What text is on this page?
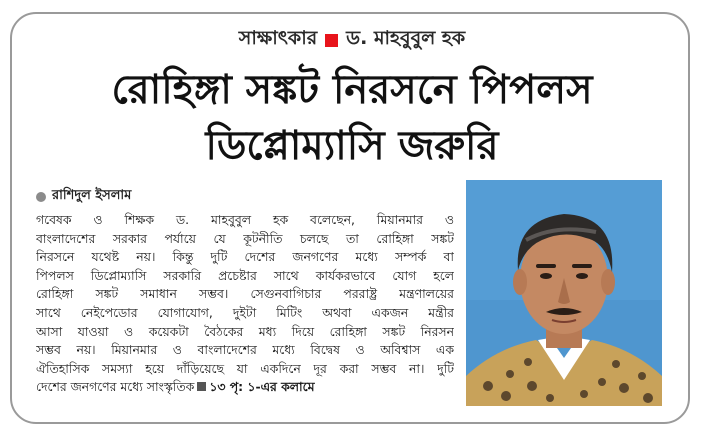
সাক্ষাৎকার ড. মাহবুবুল হক
রোহিঙ্গা সঙ্কট নিরসনে পিপলস
ডিপ্লোম্যাসি জরুরি
রাশিদুল ইসলাম
গবেষক ও শিক্ষক ড. মাহবুবুল হক বলেছেন, মিয়ানমার ও
বাংলাদেশের সরকার পর্যায়ে যে কূটনীতি চলছে তা রোহিঙ্গা সঙ্কট
নিরসনে যথেষ্ট নয়। কিন্তু দুটি দেশের জনগণের মধ্যে সম্পর্ক বা
পিপলস ডিপ্লোম্যাসি সরকারি প্রচেষ্টার সাথে কার্যকরভাবে যোগ হলে
রোহিঙ্গা সঙ্কট সমাধান সম্ভব। সেগুনবাগিচার পররাষ্ট্র মন্ত্রণালয়ের
সাথে নেইপেডোর যোগাযোগ, দুইটা মিটিং অথবা একজন মন্ত্রীর
আসা যাওয়া ও কয়েকটা বৈঠকের মধ্য দিয়ে রোহিঙ্গা সঙ্কট নিরসন
সম্ভব নয়। মিয়ানমার ও বাংলাদেশের মধ্যে বিদ্বেষ ও অবিশ্বাস এক
ঐতিহাসিক সমস্যা হয়ে দাঁড়িয়েছে যা একদিনে দূর করা সম্ভব না। দুটি
দেশের জনগণের মধ্যে সাংস্কৃতিক ১৩ পৃ: ১-এর কলামে
